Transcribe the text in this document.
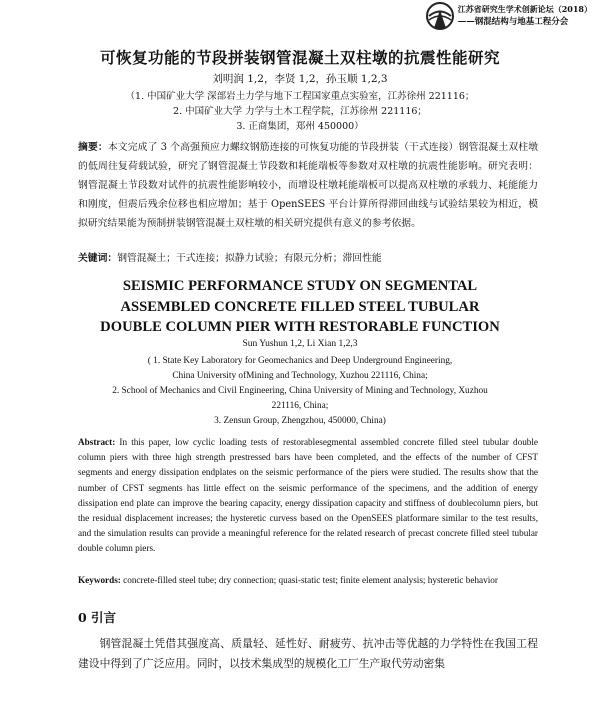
江苏省研究生学术创新论坛（2018）
——钢混结构与地基工程分会
可恢复功能的节段拼装钢管混凝土双柱墩的抗震性能研究
刘明润 1,2，李贤 1,2，孙玉顺 1,2,3
（1. 中国矿业大学 深部岩土力学与地下工程国家重点实验室，江苏徐州 221116；
2. 中国矿业大学 力学与土木工程学院，江苏徐州 221116；
3. 正商集团，郑州 450000）
摘要：本文完成了 3 个高强预应力螺纹钢筋连接的可恢复功能的节段拼装（干式连接）钢管混凝土双柱墩的低周往复荷载试验，研究了钢管混凝土节段数和耗能端板等参数对双柱墩的抗震性能影响。研究表明：钢管混凝土节段数对试件的抗震性能影响较小，而增设柱墩耗能端板可以提高双柱墩的承载力、耗能能力和刚度，但震后残余位移也相应增加；基于 OpenSEES 平台计算所得滞回曲线与试验结果较为相近，模拟研究结果能为预制拼装钢管混凝土双柱墩的相关研究提供有意义的参考依据。
关键词：钢管混凝土；干式连接；拟静力试验；有限元分析；滞回性能
SEISMIC PERFORMANCE STUDY ON SEGMENTAL
ASSEMBLED CONCRETE FILLED STEEL TUBULAR
DOUBLE COLUMN PIER WITH RESTORABLE FUNCTION
Sun Yushun 1,2, Li Xian 1,2,3
( 1. State Key Laboratory for Geomechanics and Deep Underground Engineering,
China University ofMining and Technology, Xuzhou 221116, China;
2. School of Mechanics and Civil Engineering, China University of Mining and Technology, Xuzhou
221116, China;
3. Zensun Group, Zhengzhou, 450000, China)
Abstract: In this paper, low cyclic loading tests of restorablesegmental assembled concrete filled steel tubular double column piers with three high strength prestressed bars have been completed, and the effects of the number of CFST segments and energy dissipation endplates on the seismic performance of the piers were studied. The results show that the number of CFST segments has little effect on the seismic performance of the specimens, and the addition of energy dissipation end plate can improve the bearing capacity, energy dissipation capacity and stiffness of doublecolumn piers, but the residual displacement increases; the hysteretic curvess based on the OpenSEES platformare similar to the test results, and the simulation results can provide a meaningful reference for the related research of precast concrete filled steel tubular double column piers.
Keywords: concrete-filled steel tube; dry connection; quasi-static test; finite element analysis; hysteretic behavior
0 引言
钢管混凝土凭借其强度高、质量轻、延性好、耐疲劳、抗冲击等优越的力学特性在我国工程建设中得到了广泛应用。同时，以技术集成型的规模化工厂生产取代劳动密集
